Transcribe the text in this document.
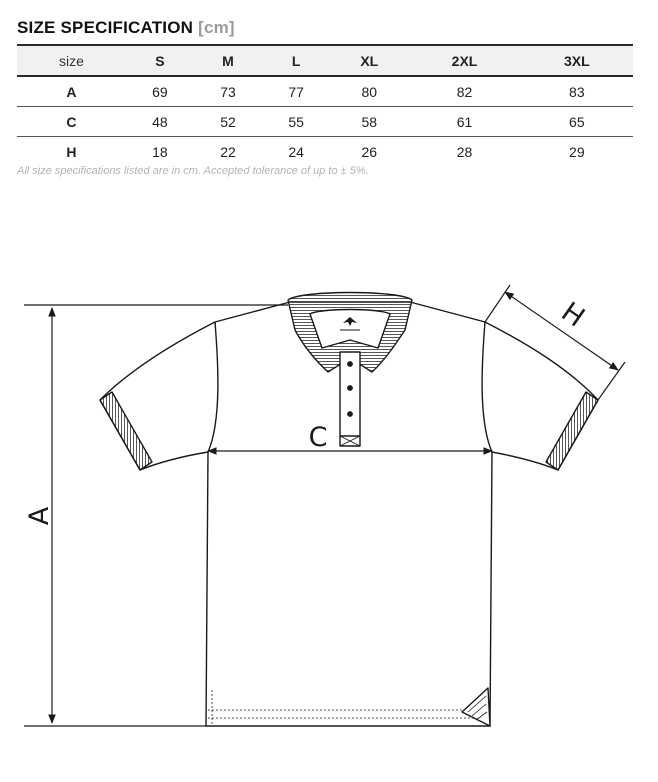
SIZE SPECIFICATION [cm]
size	S	M	L	XL	2XL	3XL
A	69	73	77	80	82	83
C	48	52	55	58	61	65
H	18	22	24	26	28	29
All size specifications listed are in cm. Accepted tolerance of up to ± 5%.
A
C
H
